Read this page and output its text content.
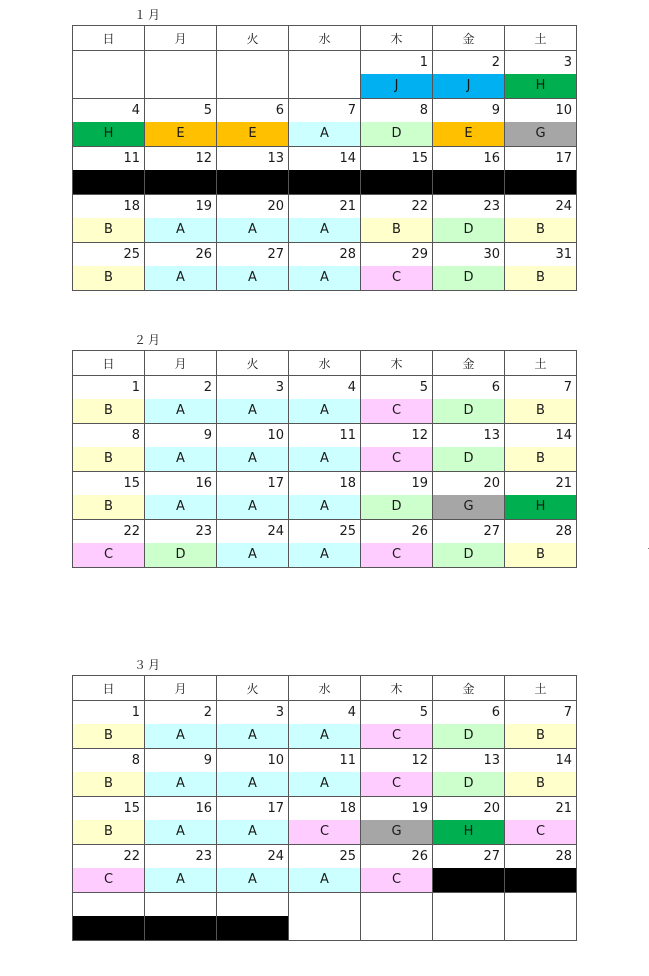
１月
日	月	火	水	木	金	土
				1	2	3
				J	J	H
4	5	6	7	8	9	10
H	E	E	A	D	E	G
11	12	13	14	15	16	17

18	19	20	21	22	23	24
B	A	A	A	B	D	B
25	26	27	28	29	30	31
B	A	A	A	C	D	B
２月
日	月	火	水	木	金	土
1	2	3	4	5	6	7
B	A	A	A	C	D	B
8	9	10	11	12	13	14
B	A	A	A	C	D	B
15	16	17	18	19	20	21
B	A	A	A	D	G	H
22	23	24	25	26	27	28
C	D	A	A	C	D	B
３月
日	月	火	水	木	金	土
1	2	3	4	5	6	7
B	A	A	A	C	D	B
8	9	10	11	12	13	14
B	A	A	A	C	D	B
15	16	17	18	19	20	21
B	A	A	C	G	H	C
22	23	24	25	26	27	28
C	A	A	A	C		
